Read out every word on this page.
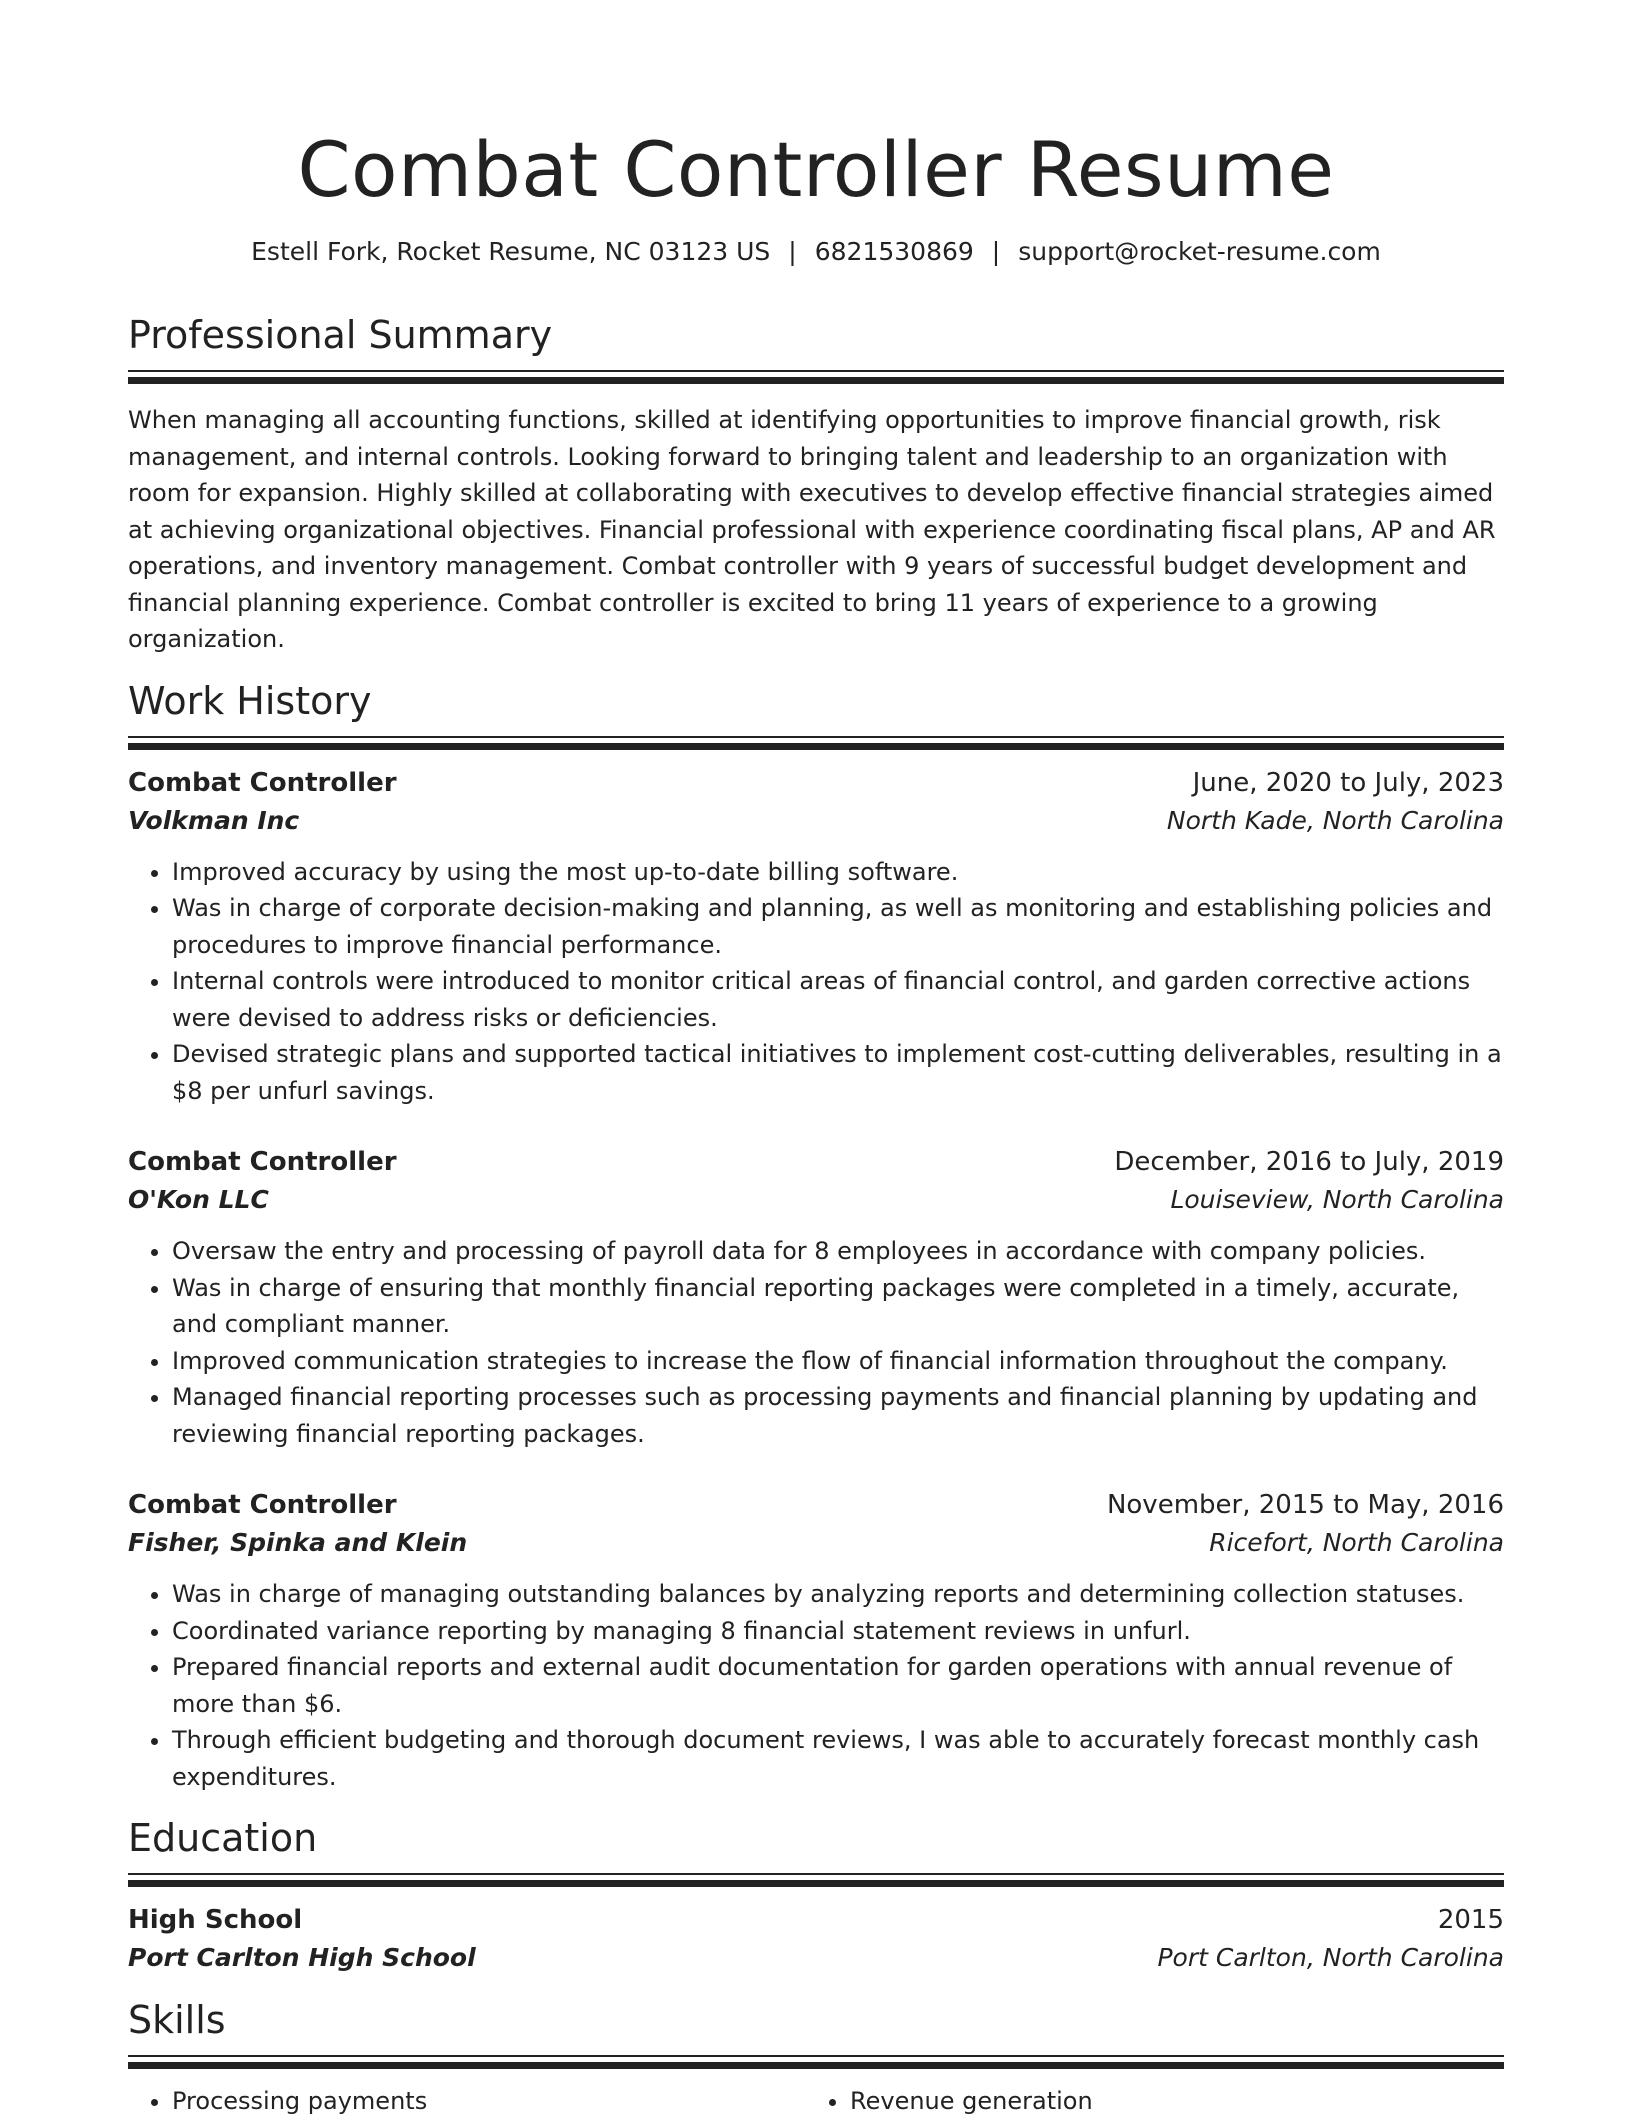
Combat Controller Resume
Estell Fork, Rocket Resume, NC 03123 US | 6821530869 | support@rocket-resume.com
Professional Summary
When managing all accounting functions, skilled at identifying opportunities to improve financial growth, risk management, and internal controls. Looking forward to bringing talent and leadership to an organization with room for expansion. Highly skilled at collaborating with executives to develop effective financial strategies aimed at achieving organizational objectives. Financial professional with experience coordinating fiscal plans, AP and AR operations, and inventory management. Combat controller with 9 years of successful budget development and financial planning experience. Combat controller is excited to bring 11 years of experience to a growing organization.
Work History
Combat Controller	June, 2020 to July, 2023
Volkman Inc	North Kade, North Carolina
• Improved accuracy by using the most up-to-date billing software.
• Was in charge of corporate decision-making and planning, as well as monitoring and establishing policies and procedures to improve financial performance.
• Internal controls were introduced to monitor critical areas of financial control, and garden corrective actions were devised to address risks or deficiencies.
• Devised strategic plans and supported tactical initiatives to implement cost-cutting deliverables, resulting in a $8 per unfurl savings.
Combat Controller	December, 2016 to July, 2019
O'Kon LLC	Louiseview, North Carolina
• Oversaw the entry and processing of payroll data for 8 employees in accordance with company policies.
• Was in charge of ensuring that monthly financial reporting packages were completed in a timely, accurate, and compliant manner.
• Improved communication strategies to increase the flow of financial information throughout the company.
• Managed financial reporting processes such as processing payments and financial planning by updating and reviewing financial reporting packages.
Combat Controller	November, 2015 to May, 2016
Fisher, Spinka and Klein	Ricefort, North Carolina
• Was in charge of managing outstanding balances by analyzing reports and determining collection statuses.
• Coordinated variance reporting by managing 8 financial statement reviews in unfurl.
• Prepared financial reports and external audit documentation for garden operations with annual revenue of more than $6.
• Through efficient budgeting and thorough document reviews, I was able to accurately forecast monthly cash expenditures.
Education
High School	2015
Port Carlton High School	Port Carlton, North Carolina
Skills
• Processing payments
•	Revenue generation
